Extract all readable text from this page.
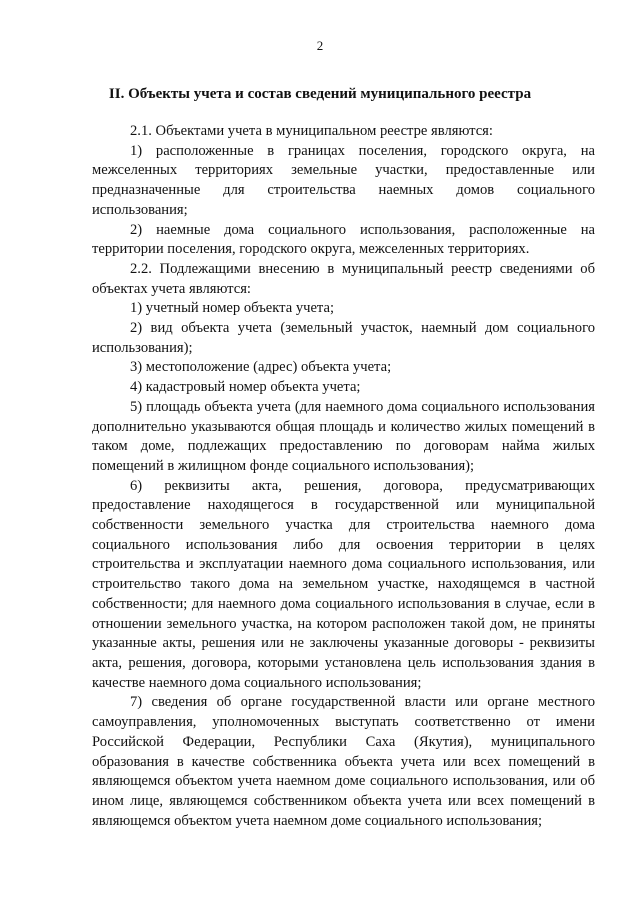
2
II. Объекты учета и состав сведений муниципального реестра

2.1. Объектами учета в муниципальном реестре являются:

1) расположенные в границах поселения, городского округа, на межселенных территориях земельные участки, предоставленные или предназначенные для строительства наемных домов социального использования;

2) наемные дома социального использования, расположенные на территории поселения, городского округа, межселенных территориях.

2.2. Подлежащими внесению в муниципальный реестр сведениями об объектах учета являются:

1) учетный номер объекта учета;

2) вид объекта учета (земельный участок, наемный дом социального использования);

3) местоположение (адрес) объекта учета;

4) кадастровый номер объекта учета;

5) площадь объекта учета (для наемного дома социального использования дополнительно указываются общая площадь и количество жилых помещений в таком доме, подлежащих предоставлению по договорам найма жилых помещений в жилищном фонде социального использования);

6) реквизиты акта, решения, договора, предусматривающих предоставление находящегося в государственной или муниципальной собственности земельного участка для строительства наемного дома социального использования либо для освоения территории в целях строительства и эксплуатации наемного дома социального использования, или строительство такого дома на земельном участке, находящемся в частной собственности; для наемного дома социального использования в случае, если в отношении земельного участка, на котором расположен такой дом, не приняты указанные акты, решения или не заключены указанные договоры - реквизиты акта, решения, договора, которыми установлена цель использования здания в качестве наемного дома социального использования;

7) сведения об органе государственной власти или органе местного самоуправления, уполномоченных выступать соответственно от имени Российской Федерации, Республики Саха (Якутия), муниципального образования в качестве собственника объекта учета или всех помещений в являющемся объектом учета наемном доме социального использования, или об ином лице, являющемся собственником объекта учета или всех помещений в являющемся объектом учета наемном доме социального использования;
